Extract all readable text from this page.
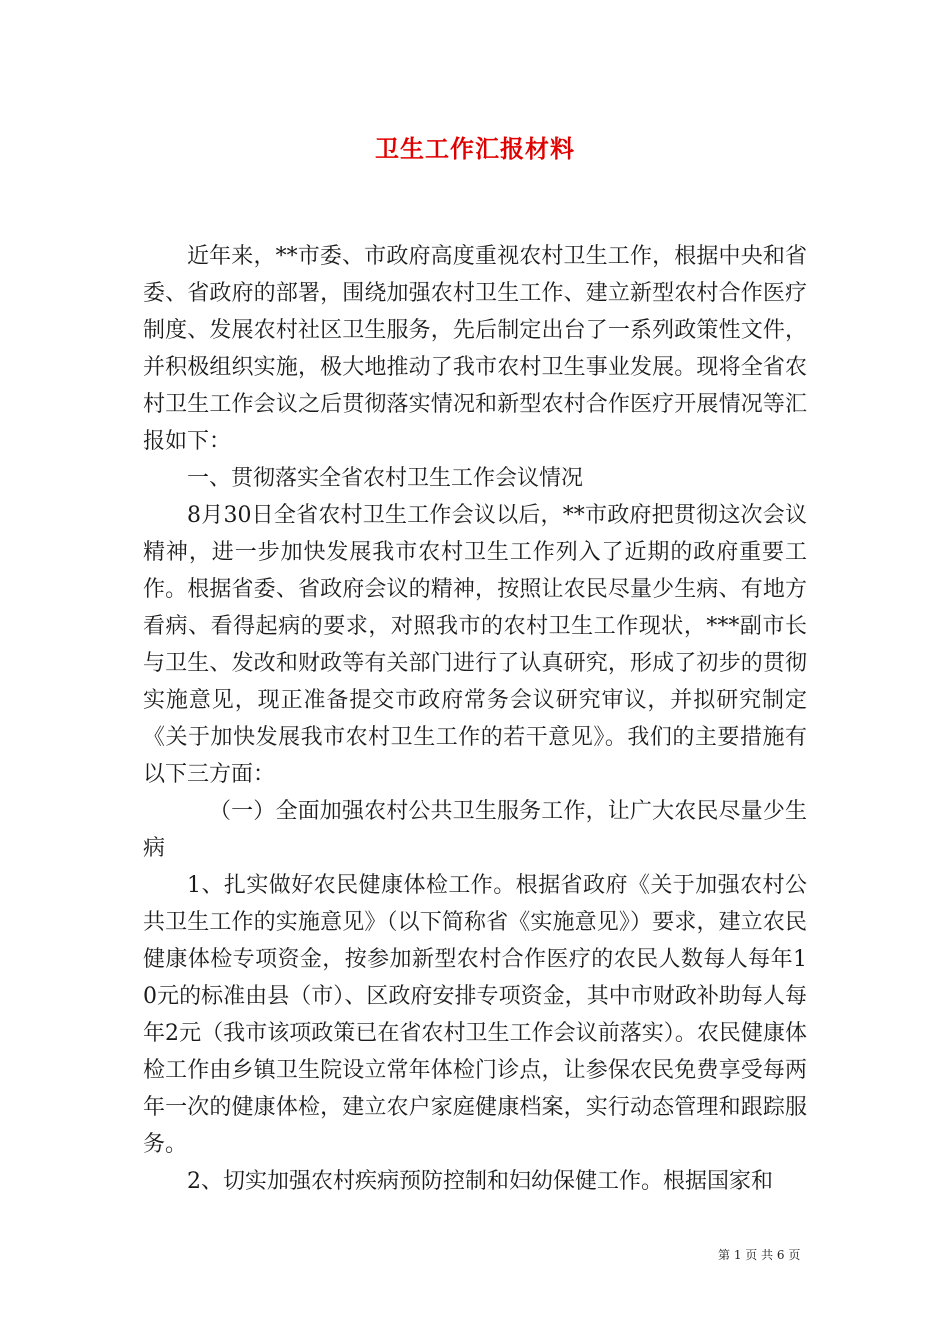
卫生工作汇报材料

近年来，**市委、市政府高度重视农村卫生工作，根据中央和省委、省政府的部署，围绕加强农村卫生工作、建立新型农村合作医疗制度、发展农村社区卫生服务，先后制定出台了一系列政策性文件，并积极组织实施，极大地推动了我市农村卫生事业发展。现将全省农村卫生工作会议之后贯彻落实情况和新型农村合作医疗开展情况等汇报如下：

一、贯彻落实全省农村卫生工作会议情况

8月30日全省农村卫生工作会议以后，**市政府把贯彻这次会议精神，进一步加快发展我市农村卫生工作列入了近期的政府重要工作。根据省委、省政府会议的精神，按照让农民尽量少生病、有地方看病、看得起病的要求，对照我市的农村卫生工作现状，***副市长与卫生、发改和财政等有关部门进行了认真研究，形成了初步的贯彻实施意见，现正准备提交市政府常务会议研究审议，并拟研究制定《关于加快发展我市农村卫生工作的若干意见》。我们的主要措施有以下三方面：

（一）全面加强农村公共卫生服务工作，让广大农民尽量少生病

1、扎实做好农民健康体检工作。根据省政府《关于加强农村公共卫生工作的实施意见》（以下简称省《实施意见》）要求，建立农民健康体检专项资金，按参加新型农村合作医疗的农民人数每人每年10元的标准由县（市）、区政府安排专项资金，其中市财政补助每人每年2元（我市该项政策已在省农村卫生工作会议前落实）。农民健康体检工作由乡镇卫生院设立常年体检门诊点，让参保农民免费享受每两年一次的健康体检，建立农户家庭健康档案，实行动态管理和跟踪服务。

2、切实加强农村疾病预防控制和妇幼保健工作。根据国家和

第 1 页 共 6 页
